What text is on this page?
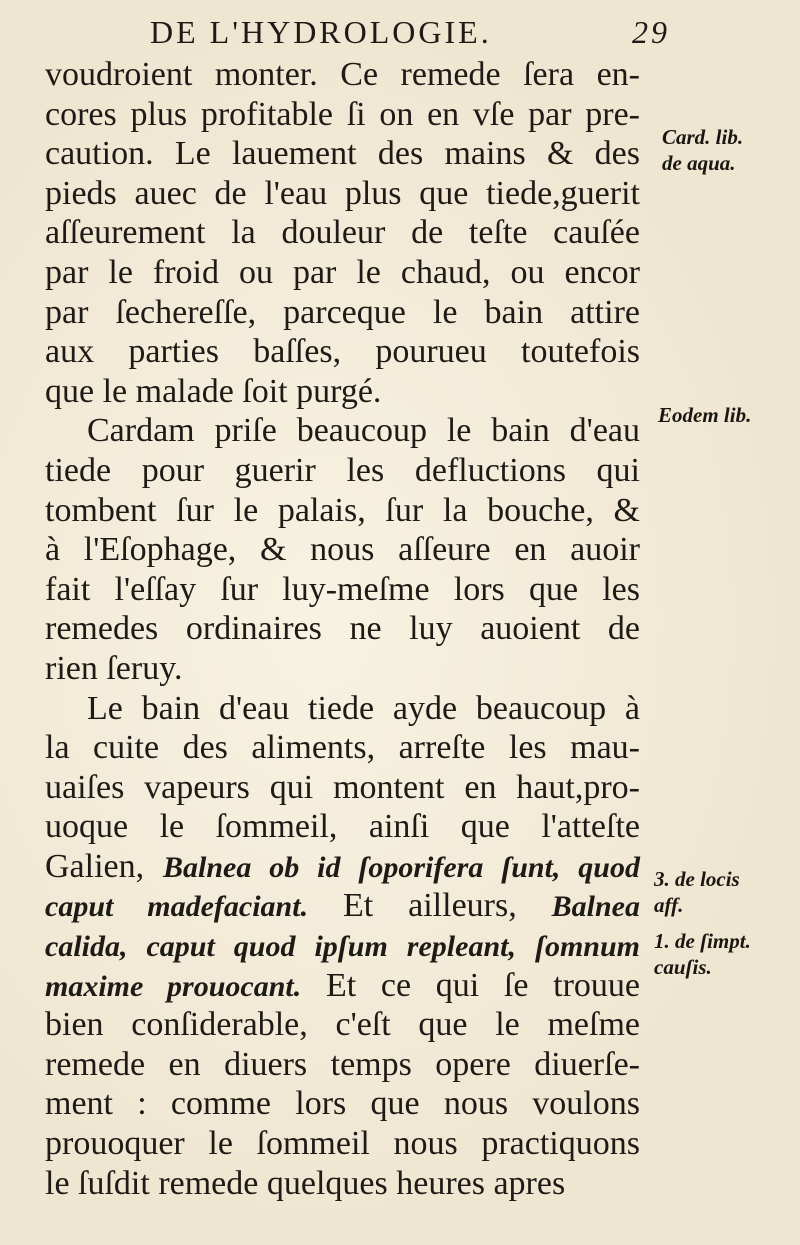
DE L'HYDROLOGIE.	29
voudroient monter. Ce remede ſera en-
cores plus profitable ſi on en vſe par pre-
caution. Le lauement des mains & des
pieds auec de l'eau plus que tiede,guerit
aſſeurement la douleur de teſte cauſée
par le froid ou par le chaud, ou encor
par ſechereſſe, parceque le bain attire
aux parties baſſes, pourueu toutefois
que le malade ſoit purgé.
Cardam priſe beaucoup le bain d'eau
tiede pour guerir les defluctions qui
tombent ſur le palais, ſur la bouche, &
à l'Eſophage, & nous aſſeure en auoir
fait l'eſſay ſur luy-meſme lors que les
remedes ordinaires ne luy auoient de
rien ſeruy.
Le bain d'eau tiede ayde beaucoup à
la cuite des aliments, arreſte les mau-
uaiſes vapeurs qui montent en haut,pro-
uoque le ſommeil, ainſi que l'atteſte
Galien, Balnea ob id ſoporifera ſunt, quod
caput madefaciant. Et ailleurs, Balnea
calida, caput quod ipſum repleant, ſomnum
maxime prouocant. Et ce qui ſe trouue
bien conſiderable, c'eſt que le meſme
remede en diuers temps opere diuerſe-
ment : comme lors que nous voulons
prouoquer le ſommeil nous practiquons
le ſuſdit remede quelques heures apres
Card. lib.
de aqua.
Eodem lib.
3. de locis
aff.
1. de ſimpt.
cauſis.
